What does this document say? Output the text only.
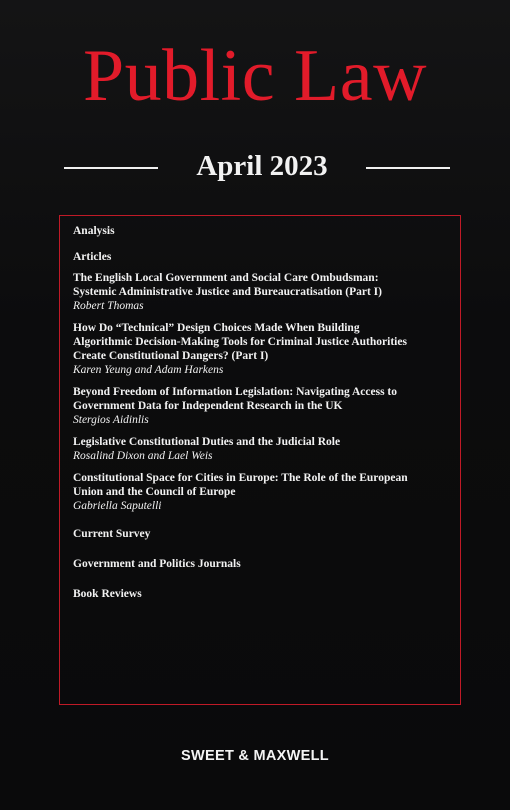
Public Law
April 2023

Analysis

Articles

The English Local Government and Social Care Ombudsman:
Systemic Administrative Justice and Bureaucratisation (Part I)
Robert Thomas
How Do “Technical” Design Choices Made When Building
Algorithmic Decision-Making Tools for Criminal Justice Authorities
Create Constitutional Dangers? (Part I)
Karen Yeung and Adam Harkens
Beyond Freedom of Information Legislation: Navigating Access to
Government Data for Independent Research in the UK
Stergios Aidinlis
Legislative Constitutional Duties and the Judicial Role
Rosalind Dixon and Lael Weis
Constitutional Space for Cities in Europe: The Role of the European
Union and the Council of Europe
Gabriella Saputelli

Current Survey

Government and Politics Journals

Book Reviews

SWEET & MAXWELL
